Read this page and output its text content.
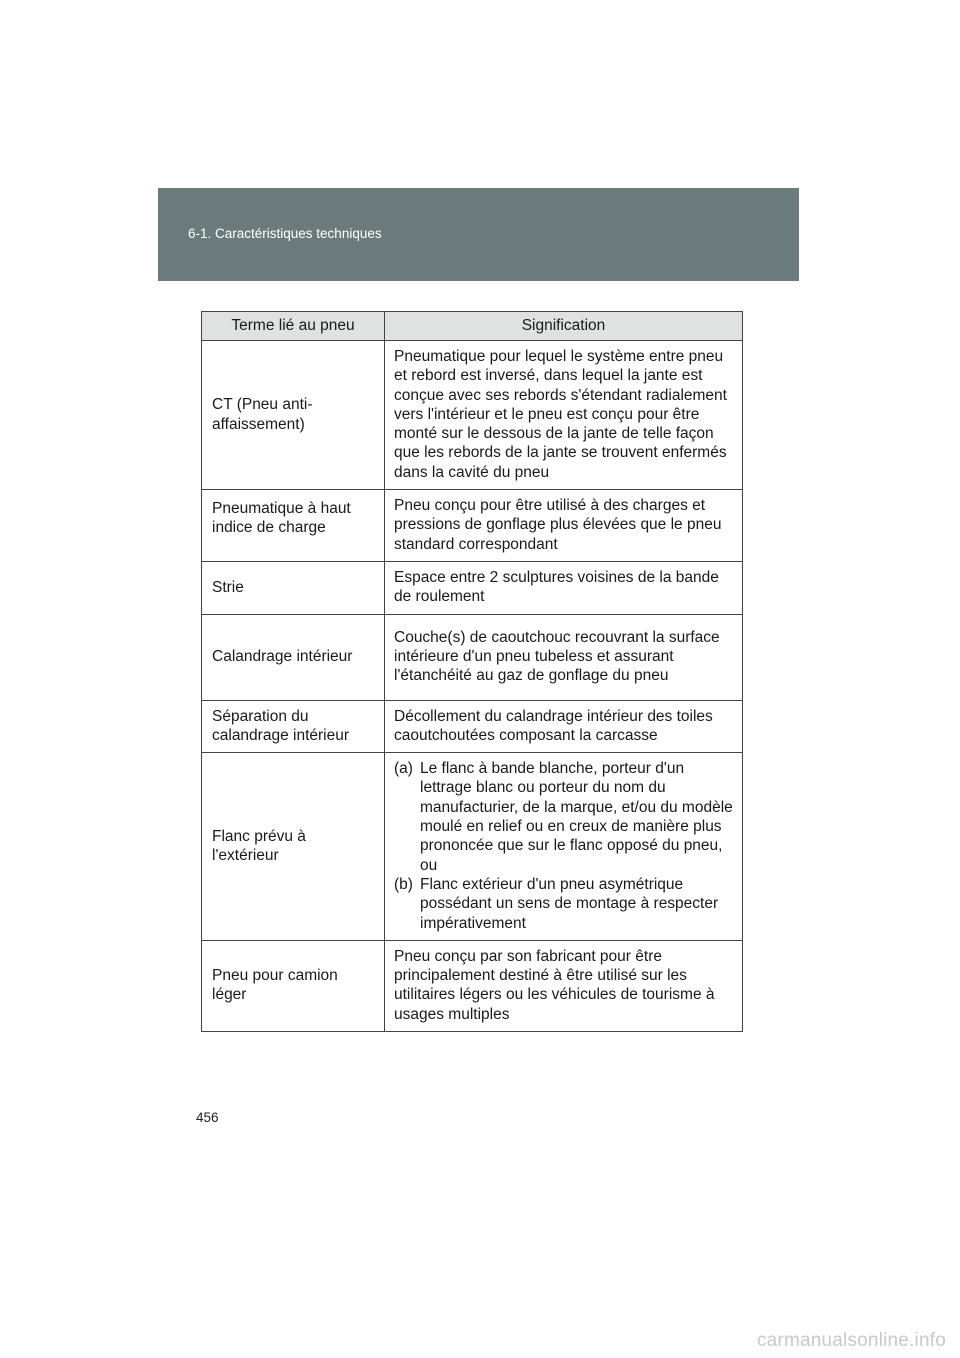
6-1. Caractéristiques techniques
Terme lié au pneu	Signification
CT (Pneu anti-affaissement)	Pneumatique pour lequel le système entre pneu et rebord est inversé, dans lequel la jante est conçue avec ses rebords s'étendant radialement vers l'intérieur et le pneu est conçu pour être monté sur le dessous de la jante de telle façon que les rebords de la jante se trouvent enfermés dans la cavité du pneu
Pneumatique à haut indice de charge	Pneu conçu pour être utilisé à des charges et pressions de gonflage plus élevées que le pneu standard correspondant
Strie	Espace entre 2 sculptures voisines de la bande de roulement
Calandrage intérieur	Couche(s) de caoutchouc recouvrant la surface intérieure d'un pneu tubeless et assurant l'étanchéité au gaz de gonflage du pneu
Séparation du calandrage intérieur	Décollement du calandrage intérieur des toiles caoutchoutées composant la carcasse
Flanc prévu à l'extérieur	(a) Le flanc à bande blanche, porteur d'un lettrage blanc ou porteur du nom du manufacturier, de la marque, et/ou du modèle moulé en relief ou en creux de manière plus prononcée que sur le flanc opposé du pneu, ou
(b) Flanc extérieur d'un pneu asymétrique possédant un sens de montage à respecter impérativement

Pneu pour camion léger	Pneu conçu par son fabricant pour être principalement destiné à être utilisé sur les utilitaires légers ou les véhicules de tourisme à usages multiples
456
carmanualsonline.info
